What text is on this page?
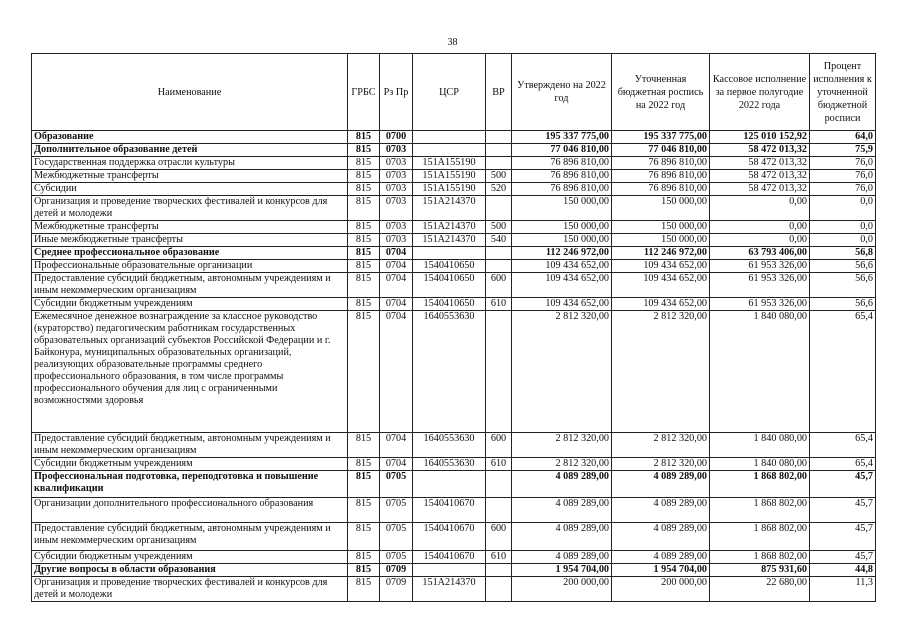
38
Наименование	ГРБС	Рз Пр	ЦСР	ВР	Утверждено на 2022 год	Уточненная бюджетная роспись на 2022 год	Кассовое исполнение за первое полугодие 2022 года	Процент исполнения к уточненной бюджетной росписи
Образование	815	0700			195 337 775,00	195 337 775,00	125 010 152,92	64,0
Дополнительное образование детей	815	0703			77 046 810,00	77 046 810,00	58 472 013,32	75,9
Государственная поддержка отрасли культуры	815	0703	151A155190		76 896 810,00	76 896 810,00	58 472 013,32	76,0
Межбюджетные трансферты	815	0703	151A155190	500	76 896 810,00	76 896 810,00	58 472 013,32	76,0
Субсидии	815	0703	151A155190	520	76 896 810,00	76 896 810,00	58 472 013,32	76,0
Организация и проведение творческих фестивалей и конкурсов для детей и молодежи	815	0703	151A214370		150 000,00	150 000,00	0,00	0,0
Межбюджетные трансферты	815	0703	151A214370	500	150 000,00	150 000,00	0,00	0,0
Иные межбюджетные трансферты	815	0703	151A214370	540	150 000,00	150 000,00	0,00	0,0
Среднее профессиональное образование	815	0704			112 246 972,00	112 246 972,00	63 793 406,00	56,8
Профессиональные образовательные организации	815	0704	1540410650		109 434 652,00	109 434 652,00	61 953 326,00	56,6
Предоставление субсидий бюджетным, автономным учреждениям и иным некоммерческим организациям	815	0704	1540410650	600	109 434 652,00	109 434 652,00	61 953 326,00	56,6
Субсидии бюджетным учреждениям	815	0704	1540410650	610	109 434 652,00	109 434 652,00	61 953 326,00	56,6
Ежемесячное денежное вознаграждение за классное руководство (кураторство) педагогическим работникам государственных образовательных организаций субъектов Российской Федерации и г. Байконура, муниципальных образовательных организаций, реализующих образовательные программы среднего профессионального образования, в том числе программы профессионального обучения для лиц с ограниченными возможностями здоровья	815	0704	1640553630		2 812 320,00	2 812 320,00	1 840 080,00	65,4
Предоставление субсидий бюджетным, автономным учреждениям и иным некоммерческим организациям	815	0704	1640553630	600	2 812 320,00	2 812 320,00	1 840 080,00	65,4
Субсидии бюджетным учреждениям	815	0704	1640553630	610	2 812 320,00	2 812 320,00	1 840 080,00	65,4
Профессиональная подготовка, переподготовка и повышение квалификации	815	0705			4 089 289,00	4 089 289,00	1 868 802,00	45,7
Организации дополнительного профессионального образования	815	0705	1540410670		4 089 289,00	4 089 289,00	1 868 802,00	45,7
Предоставление субсидий бюджетным, автономным учреждениям и иным некоммерческим организациям	815	0705	1540410670	600	4 089 289,00	4 089 289,00	1 868 802,00	45,7
Субсидии бюджетным учреждениям	815	0705	1540410670	610	4 089 289,00	4 089 289,00	1 868 802,00	45,7
Другие вопросы в области образования	815	0709			1 954 704,00	1 954 704,00	875 931,60	44,8
Организация и проведение творческих фестивалей и конкурсов для детей и молодежи	815	0709	151A214370		200 000,00	200 000,00	22 680,00	11,3
